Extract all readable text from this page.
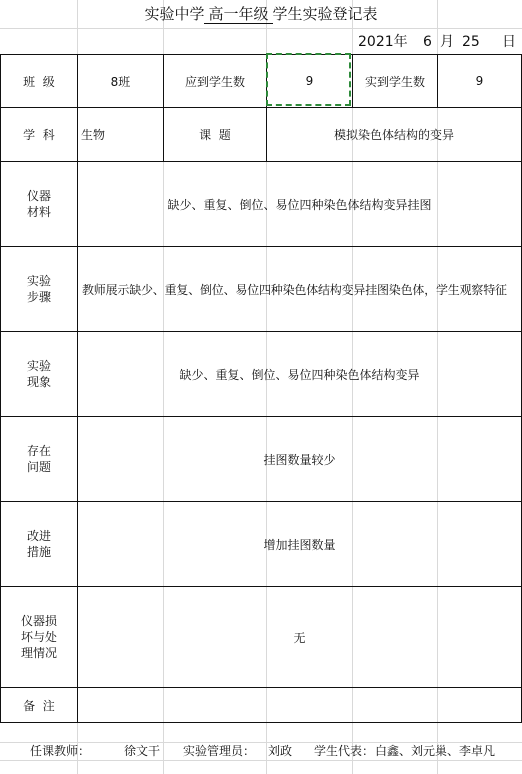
实验中学 高一年级 学生实验登记表
2021年 6 月 25 日
班  级	8班	应到学生数	9	实到学生数	9
学  科	生物	课  题	模拟染色体结构的变异		

仪器
材料	缺少、重复、倒位、易位四种染色体结构变异挂图				

实验
步骤	教师展示缺少、重复、倒位、易位四种染色体结构变异挂图染色体，学生观察特征				

实验
现象	缺少、重复、倒位、易位四种染色体结构变异				

存在
问题	挂图数量较少				

改进
措施	增加挂图数量				

仪器损
坏与处
理情况	无				
备  注					
任课教师：	徐文干 实验管理员： 刘政 学生代表： 白鑫、刘元巢、李卓凡
